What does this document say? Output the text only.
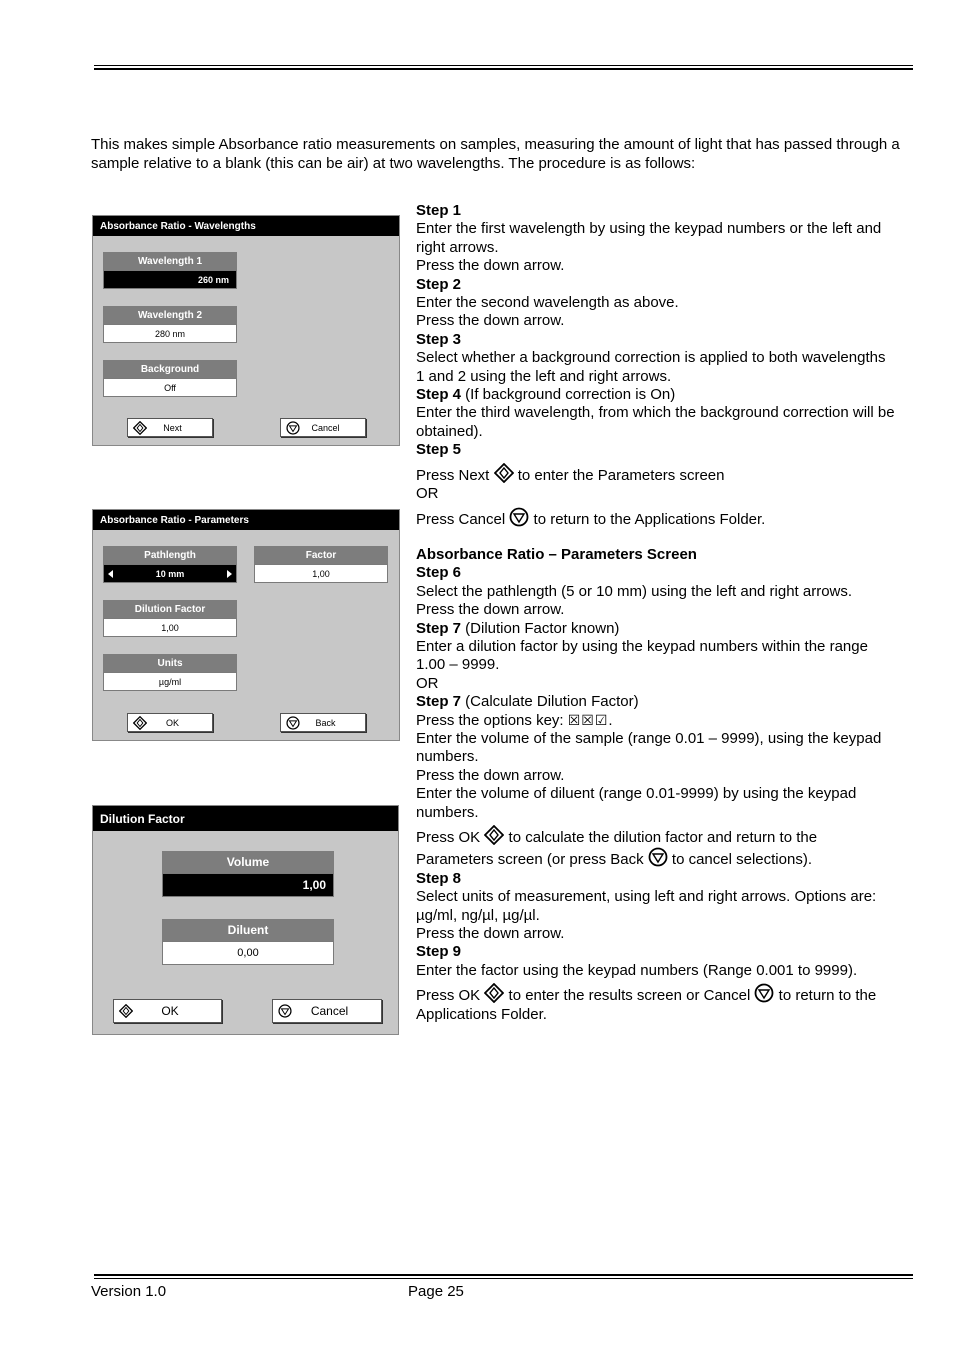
This makes simple Absorbance ratio measurements on samples, measuring the amount of light that has passed through a sample relative to a blank (this can be air) at two wavelengths. The procedure is as follows:
Absorbance Ratio - Wavelengths
Wavelength 1
260 nm
Wavelength 2
280 nm
Background
Off
Next	Cancel
Absorbance Ratio - Parameters
Pathlength
10 mm
Factor
1,00
Dilution Factor
1,00
Units
µg/ml
OK	Back
Dilution Factor
Volume
1,00
Diluent
0,00
OK	Cancel

Step 1

Enter the first wavelength by using the keypad numbers or the left and right arrows.

Press the down arrow.

Step 2

Enter the second wavelength as above.

Press the down arrow.

Step 3

Select whether a background correction is applied to both wavelengths 1 and 2 using the left and right arrows.

Step 4 (If background correction is On)

Enter the third wavelength, from which the background correction will be obtained).

Step 5

Press Next  to enter the Parameters screen

OR

Press Cancel  to return to the Applications Folder.

Absorbance Ratio – Parameters Screen

Step 6

Select the pathlength (5 or 10 mm) using the left and right arrows.

Press the down arrow.

Step 7 (Dilution Factor known)

Enter a dilution factor by using the keypad numbers within the range 1.00 – 9999.

OR

Step 7 (Calculate Dilution Factor)

Press the options key: ☒☒☑.

Enter the volume of the sample (range 0.01 – 9999), using the keypad numbers.

Press the down arrow.

Enter the volume of diluent (range 0.01-9999) by using the keypad numbers.

Press OK  to calculate the dilution factor and return to the Parameters screen (or press Back  to cancel selections).

Step 8

Select units of measurement, using left and right arrows. Options are: µg/ml, ng/µl, µg/µl.

Press the down arrow.

Step 9

Enter the factor using the keypad numbers (Range 0.001 to 9999).

Press OK  to enter the results screen or Cancel  to return to the Applications Folder.

Version 1.0	Page 25
